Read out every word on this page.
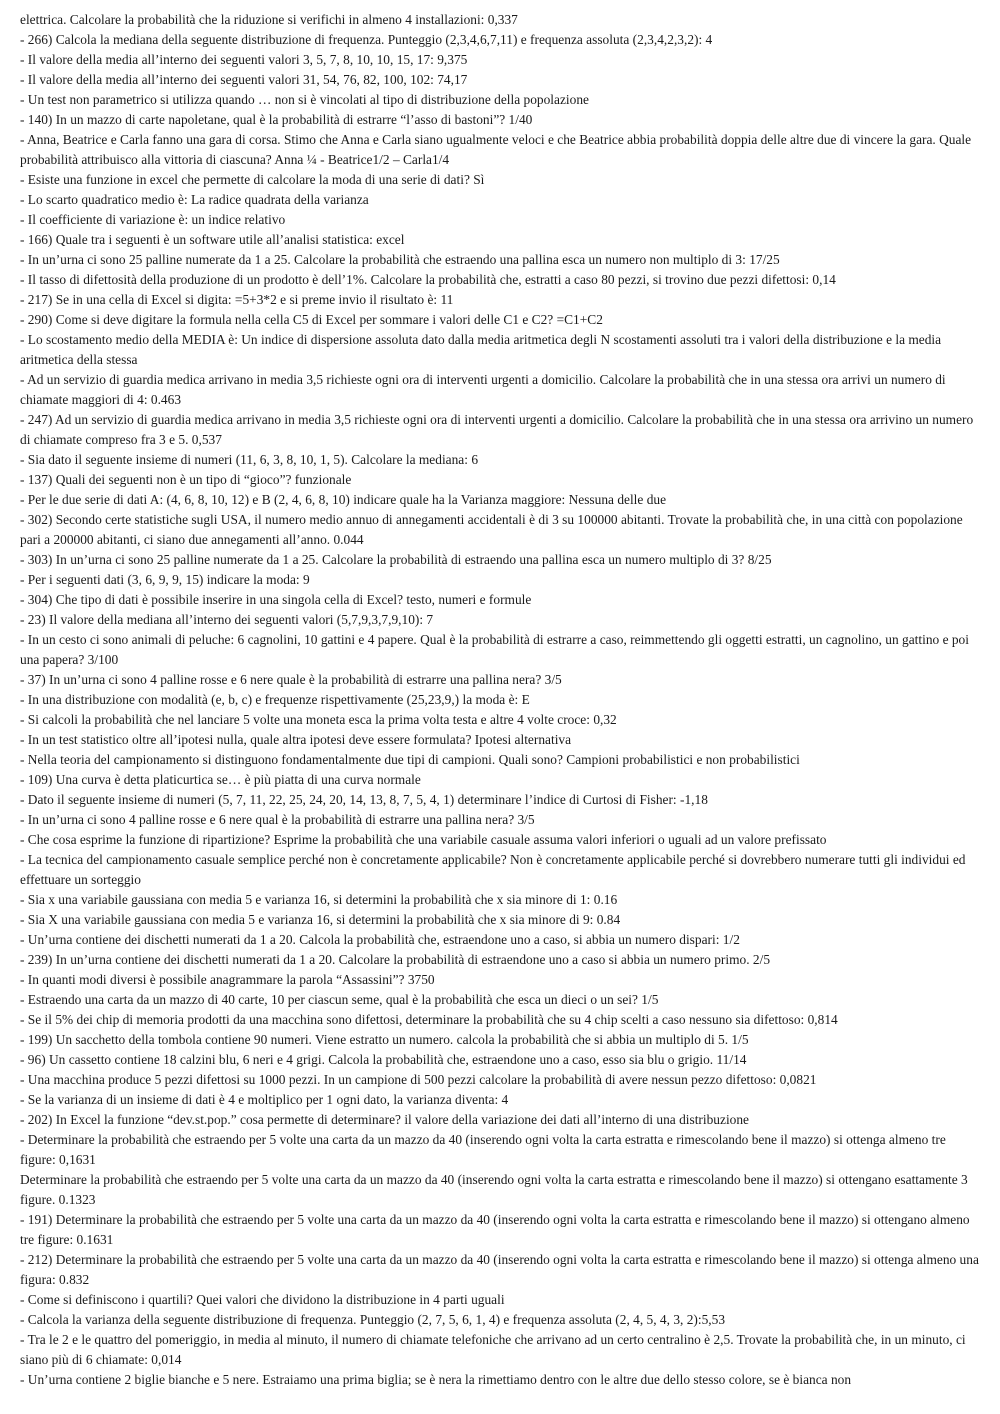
elettrica. Calcolare la probabilità che la riduzione si verifichi in almeno 4 installazioni: 0,337

- 266) Calcola la mediana della seguente distribuzione di frequenza. Punteggio (2,3,4,6,7,11) e frequenza assoluta (2,3,4,2,3,2): 4

- Il valore della media all’interno dei seguenti valori 3, 5, 7, 8, 10, 10, 15, 17: 9,375

- Il valore della media all’interno dei seguenti valori 31, 54, 76, 82, 100, 102: 74,17

- Un test non parametrico si utilizza quando … non si è vincolati al tipo di distribuzione della popolazione

- 140) In un mazzo di carte napoletane, qual è la probabilità di estrarre “l’asso di bastoni”? 1/40

- Anna, Beatrice e Carla fanno una gara di corsa. Stimo che Anna e Carla siano ugualmente veloci e che Beatrice abbia probabilità doppia delle altre due di vincere la gara. Quale probabilità attribuisco alla vittoria di ciascuna? Anna ¼ - Beatrice1/2 – Carla1/4

- Esiste una funzione in excel che permette di calcolare la moda di una serie di dati? Sì

- Lo scarto quadratico medio è: La radice quadrata della varianza

- Il coefficiente di variazione è: un indice relativo

- 166) Quale tra i seguenti è un software utile all’analisi statistica: excel

- In un’urna ci sono 25 palline numerate da 1 a 25. Calcolare la probabilità che estraendo una pallina esca un numero non multiplo di 3: 17/25

- Il tasso di difettosità della produzione di un prodotto è dell’1%. Calcolare la probabilità che, estratti a caso 80 pezzi, si trovino due pezzi difettosi: 0,14

- 217) Se in una cella di Excel si digita: =5+3*2 e si preme invio il risultato è: 11

- 290) Come si deve digitare la formula nella cella C5 di Excel per sommare i valori delle C1 e C2? =C1+C2

- Lo scostamento medio della MEDIA è: Un indice di dispersione assoluta dato dalla media aritmetica degli N scostamenti assoluti tra i valori della distribuzione e la media aritmetica della stessa

- Ad un servizio di guardia medica arrivano in media 3,5 richieste ogni ora di interventi urgenti a domicilio. Calcolare la probabilità che in una stessa ora arrivi un numero di chiamate maggiori di 4: 0.463

- 247) Ad un servizio di guardia medica arrivano in media 3,5 richieste ogni ora di interventi urgenti a domicilio. Calcolare la probabilità che in una stessa ora arrivino un numero di chiamate compreso fra 3 e 5. 0,537

- Sia dato il seguente insieme di numeri (11, 6, 3, 8, 10, 1, 5). Calcolare la mediana: 6

- 137) Quali dei seguenti non è un tipo di “gioco”? funzionale

- Per le due serie di dati A: (4, 6, 8, 10, 12) e B (2, 4, 6, 8, 10) indicare quale ha la Varianza maggiore: Nessuna delle due

- 302) Secondo certe statistiche sugli USA, il numero medio annuo di annegamenti accidentali è di 3 su 100000 abitanti. Trovate la probabilità che, in una città con popolazione pari a 200000 abitanti, ci siano due annegamenti all’anno. 0.044

- 303) In un’urna ci sono 25 palline numerate da 1 a 25. Calcolare la probabilità di estraendo una pallina esca un numero multiplo di 3? 8/25

- Per i seguenti dati (3, 6, 9, 9, 15) indicare la moda: 9

- 304) Che tipo di dati è possibile inserire in una singola cella di Excel? testo, numeri e formule

- 23) Il valore della mediana all’interno dei seguenti valori (5,7,9,3,7,9,10): 7

- In un cesto ci sono animali di peluche: 6 cagnolini, 10 gattini e 4 papere. Qual è la probabilità di estrarre a caso, reimmettendo gli oggetti estratti, un cagnolino, un gattino e poi una papera? 3/100

- 37) In un’urna ci sono 4 palline rosse e 6 nere quale è la probabilità di estrarre una pallina nera? 3/5

- In una distribuzione con modalità (e, b, c) e frequenze rispettivamente (25,23,9,) la moda è: E

- Si calcoli la probabilità che nel lanciare 5 volte una moneta esca la prima volta testa e altre 4 volte croce: 0,32

- In un test statistico oltre all’ipotesi nulla, quale altra ipotesi deve essere formulata? Ipotesi alternativa

- Nella teoria del campionamento si distinguono fondamentalmente due tipi di campioni. Quali sono? Campioni probabilistici e non probabilistici

- 109) Una curva è detta platicurtica se… è più piatta di una curva normale

- Dato il seguente insieme di numeri (5, 7, 11, 22, 25, 24, 20, 14, 13, 8, 7, 5, 4, 1) determinare l’indice di Curtosi di Fisher: -1,18

- In un’urna ci sono 4 palline rosse e 6 nere qual è la probabilità di estrarre una pallina nera? 3/5

- Che cosa esprime la funzione di ripartizione? Esprime la probabilità che una variabile casuale assuma valori inferiori o uguali ad un valore prefissato

- La tecnica del campionamento casuale semplice perché non è concretamente applicabile? Non è concretamente applicabile perché si dovrebbero numerare tutti gli individui ed effettuare un sorteggio

- Sia x una variabile gaussiana con media 5 e varianza 16, si determini la probabilità che x sia minore di 1: 0.16

- Sia X una variabile gaussiana con media 5 e varianza 16, si determini la probabilità che x sia minore di 9: 0.84

- Un’urna contiene dei dischetti numerati da 1 a 20. Calcola la probabilità che, estraendone uno a caso, si abbia un numero dispari: 1/2

- 239) In un’urna contiene dei dischetti numerati da 1 a 20. Calcolare la probabilità di estraendone uno a caso si abbia un numero primo. 2/5

- In quanti modi diversi è possibile anagrammare la parola “Assassini”? 3750

- Estraendo una carta da un mazzo di 40 carte, 10 per ciascun seme, qual è la probabilità che esca un dieci o un sei? 1/5

- Se il 5% dei chip di memoria prodotti da una macchina sono difettosi, determinare la probabilità che su 4 chip scelti a caso nessuno sia difettoso: 0,814

- 199) Un sacchetto della tombola contiene 90 numeri. Viene estratto un numero. calcola la probabilità che si abbia un multiplo di 5. 1/5

- 96) Un cassetto contiene 18 calzini blu, 6 neri e 4 grigi. Calcola la probabilità che, estraendone uno a caso, esso sia blu o grigio. 11/14

- Una macchina produce 5 pezzi difettosi su 1000 pezzi. In un campione di 500 pezzi calcolare la probabilità di avere nessun pezzo difettoso: 0,0821

- Se la varianza di un insieme di dati è 4 e moltiplico per 1 ogni dato, la varianza diventa: 4

- 202) In Excel la funzione “dev.st.pop.” cosa permette di determinare? il valore della variazione dei dati all’interno di una distribuzione

- Determinare la probabilità che estraendo per 5 volte una carta da un mazzo da 40 (inserendo ogni volta la carta estratta e rimescolando bene il mazzo) si ottenga almeno tre figure: 0,1631

Determinare la probabilità che estraendo per 5 volte una carta da un mazzo da 40 (inserendo ogni volta la carta estratta e rimescolando bene il mazzo) si ottengano esattamente 3 figure. 0.1323

- 191) Determinare la probabilità che estraendo per 5 volte una carta da un mazzo da 40 (inserendo ogni volta la carta estratta e rimescolando bene il mazzo) si ottengano almeno tre figure: 0.1631

- 212) Determinare la probabilità che estraendo per 5 volte una carta da un mazzo da 40 (inserendo ogni volta la carta estratta e rimescolando bene il mazzo) si ottenga almeno una figura: 0.832

- Come si definiscono i quartili? Quei valori che dividono la distribuzione in 4 parti uguali

- Calcola la varianza della seguente distribuzione di frequenza. Punteggio (2, 7, 5, 6, 1, 4) e frequenza assoluta (2, 4, 5, 4, 3, 2):5,53

- Tra le 2 e le quattro del pomeriggio, in media al minuto, il numero di chiamate telefoniche che arrivano ad un certo centralino è 2,5. Trovate la probabilità che, in un minuto, ci siano più di 6 chiamate: 0,014

- Un’urna contiene 2 biglie bianche e 5 nere. Estraiamo una prima biglia; se è nera la rimettiamo dentro con le altre due dello stesso colore, se è bianca non
